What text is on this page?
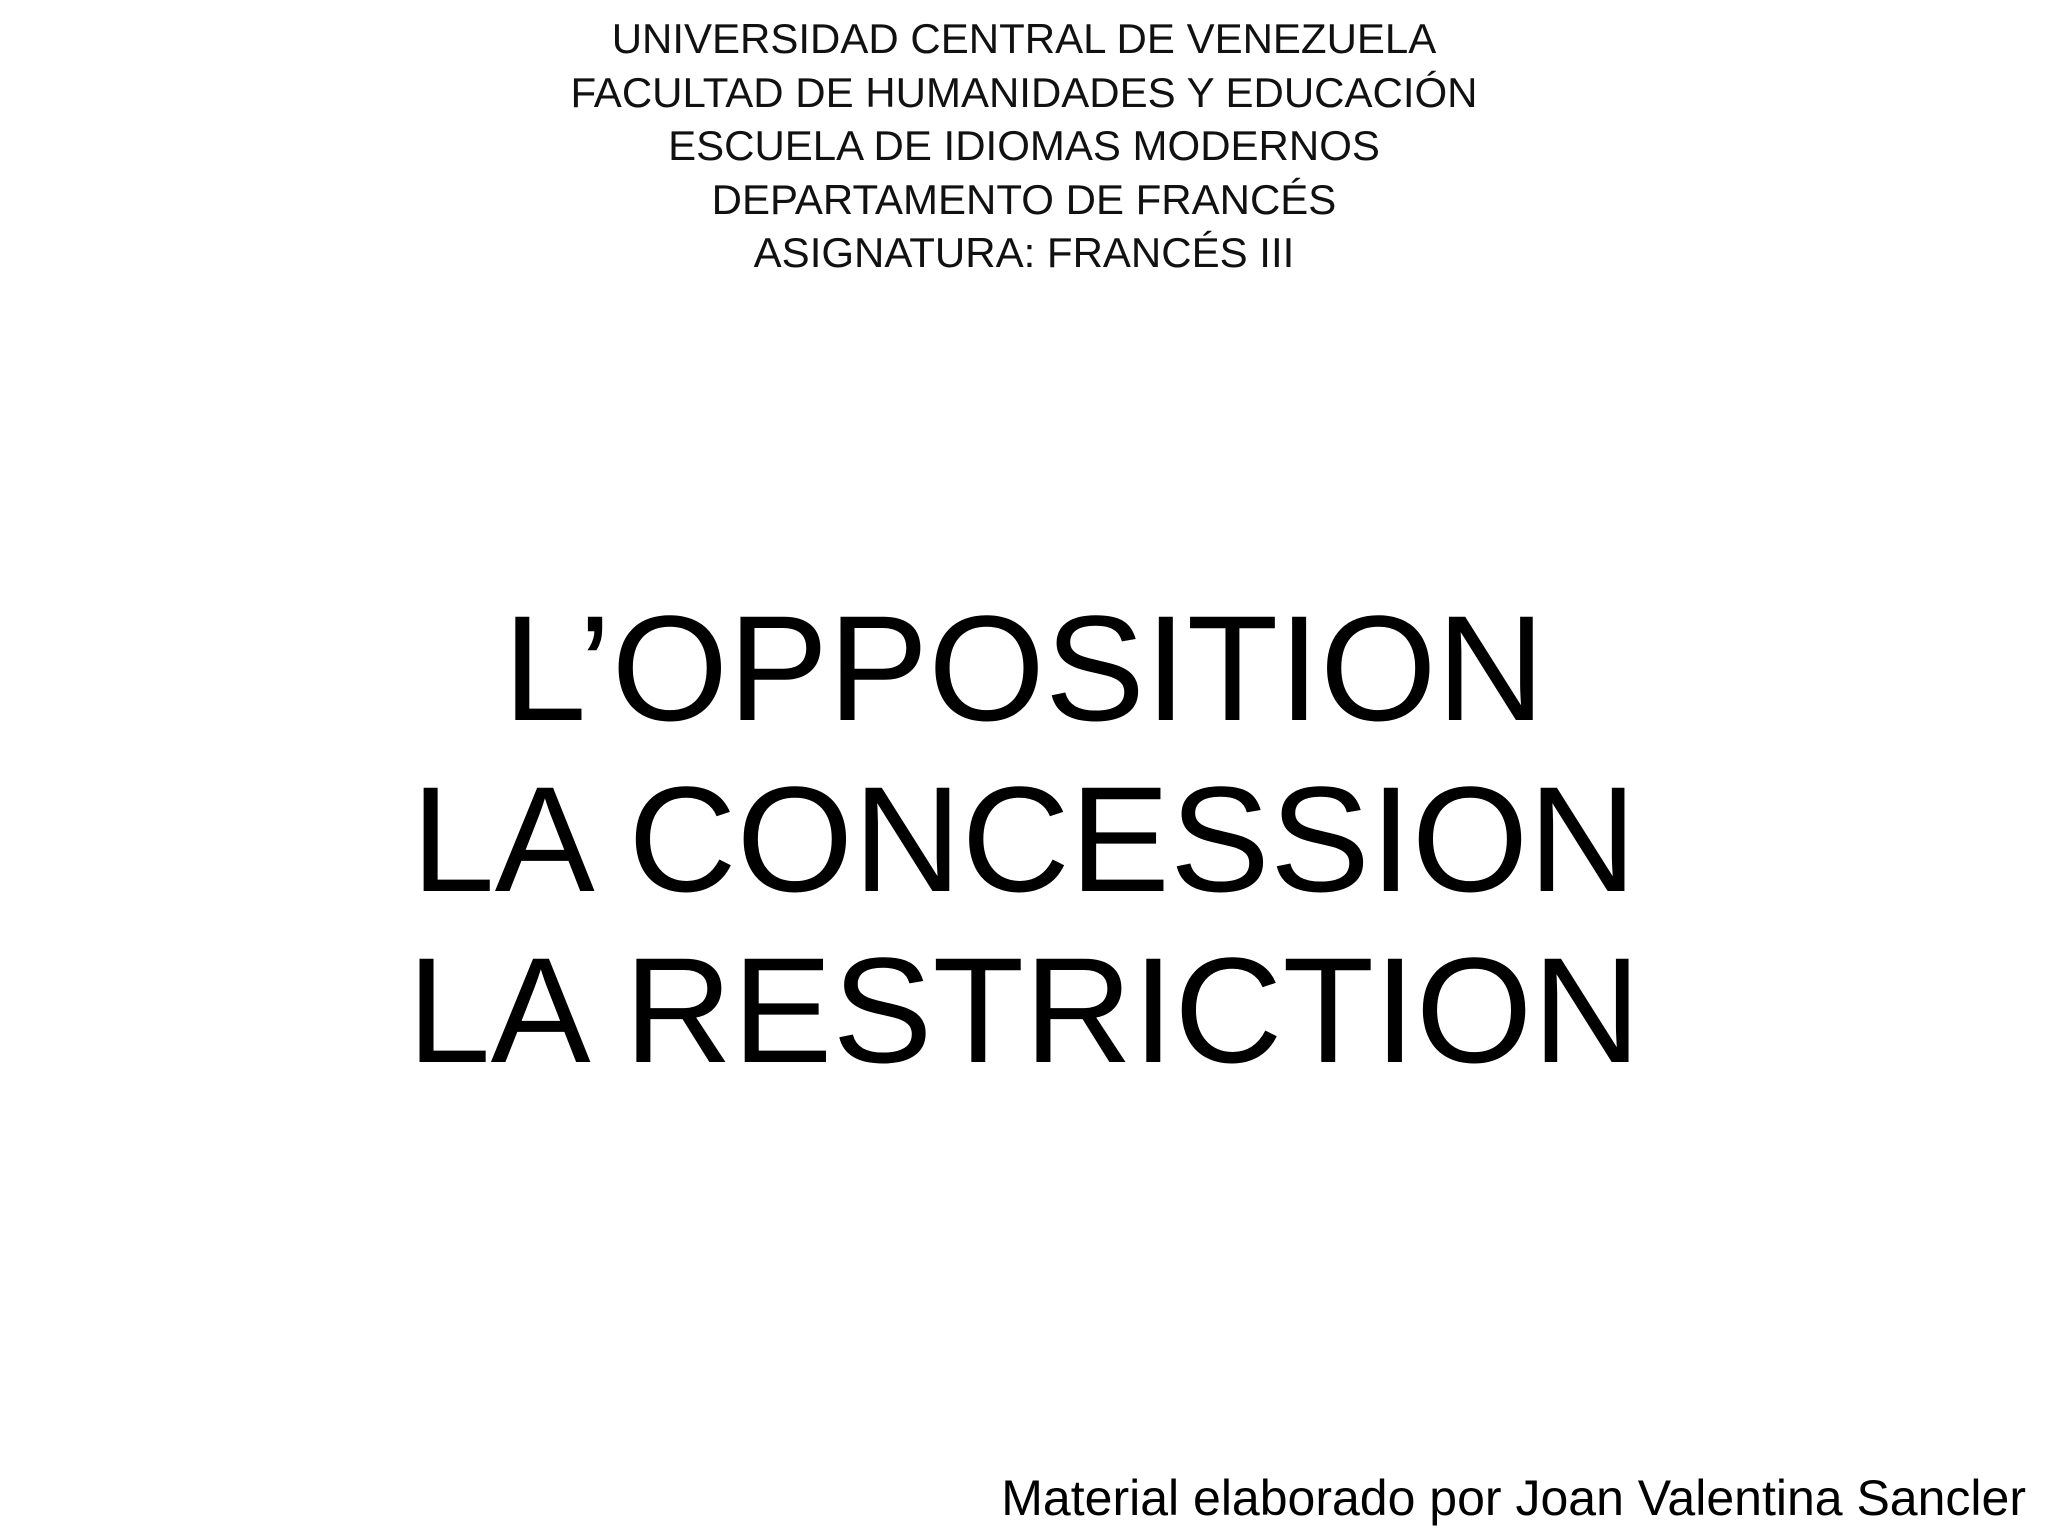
UNIVERSIDAD CENTRAL DE VENEZUELA
FACULTAD DE HUMANIDADES Y EDUCACIÓN
ESCUELA DE IDIOMAS MODERNOS
DEPARTAMENTO DE FRANCÉS
ASIGNATURA: FRANCÉS III
L’OPPOSITION
LA CONCESSION
LA RESTRICTION
Material elaborado por Joan Valentina Sancler
